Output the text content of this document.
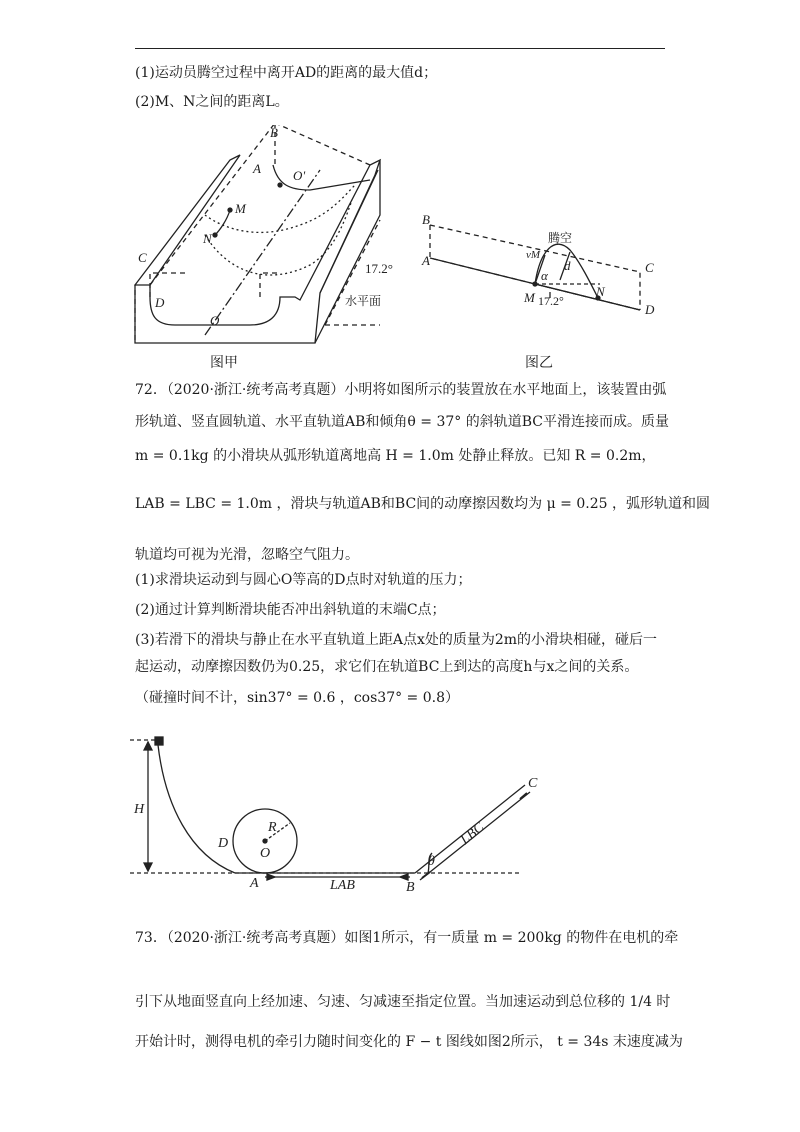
(1)运动员腾空过程中离开AD的距离的最大值d；
(2)M、N之间的距离L。
B
A O'
M
N
C
D
O
17.2°
水平面
图甲
B
A	C
D
M	N
vM
α
d
腾空
17.2°
图乙
72．（2020·浙江·统考高考真题）小明将如图所示的装置放在水平地面上，该装置由弧
形轨道、竖直圆轨道、水平直轨道AB和倾角θ = 37° 的斜轨道BC平滑连接而成。质量
m = 0.1kg 的小滑块从弧形轨道离地高 H = 1.0m 处静止释放。已知 R = 0.2m，
LAB = LBC = 1.0m ，滑块与轨道AB和BC间的动摩擦因数均为 μ = 0.25 ，弧形轨道和圆
轨道均可视为光滑，忽略空气阻力。
(1)求滑块运动到与圆心O等高的D点时对轨道的压力；
(2)通过计算判断滑块能否冲出斜轨道的末端C点；
(3)若滑下的滑块与静止在水平直轨道上距A点x处的质量为2m的小滑块相碰，碰后一
起运动，动摩擦因数仍为0.25，求它们在轨道BC上到达的高度h与x之间的关系。
（碰撞时间不计，sin37° = 0.6 ，cos37° = 0.8）
H
D
R
O
A	LAB	B
θ
LBC
C
73．（2020·浙江·统考高考真题）如图1所示，有一质量 m = 200kg 的物件在电机的牵
引下从地面竖直向上经加速、匀速、匀减速至指定位置。当加速运动到总位移的 1/4 时
开始计时，测得电机的牵引力随时间变化的 F − t 图线如图2所示， t = 34s 末速度减为
